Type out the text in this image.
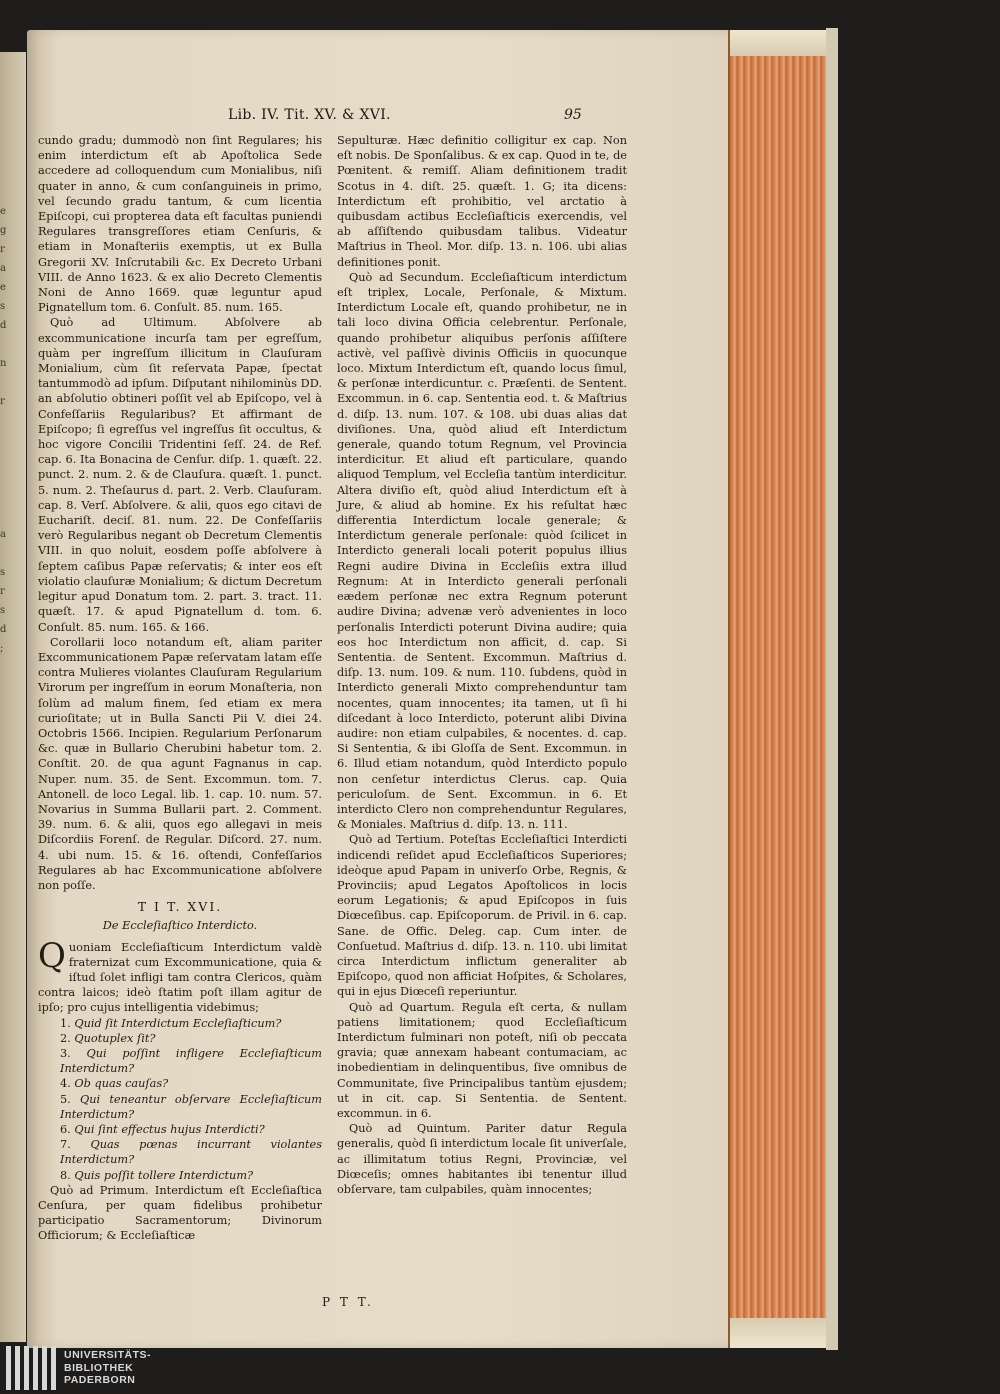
e
g
r
a
e
s
d

n

r

a

s
r
s
d
;
Lib. IV. Tit. XV. & XVI.	95

cundo gradu; dummodò non ſint Regulares; his enim interdictum eſt ab Apoſtolica Sede accedere ad colloquendum cum Monialibus, niſi quater in anno, & cum conſanguineis in primo, vel ſecundo gradu tantum, & cum licentia Epiſcopi, cui propterea data eſt facultas puniendi Regulares transgreſſores etiam Cenſuris, & etiam in Monaſteriis exemptis, ut ex Bulla Gregorii XV. Inſcrutabili &c. Ex Decreto Urbani VIII. de Anno 1623. & ex alio Decreto Clementis Noni de Anno 1669. quæ leguntur apud Pignatellum tom. 6. Conſult. 85. num. 165.

Quò ad Ultimum. Abſolvere ab excommunicatione incurſa tam per egreſſum, quàm per ingreſſum illicitum in Clauſuram Monialium, cùm ſit reſervata Papæ, ſpectat tantummodò ad ipſum. Diſputant nihilominùs DD. an abſolutio obtineri poſſit vel ab Epiſcopo, vel à Confeſſariis Regularibus? Et affirmant de Epiſcopo; ſi egreſſus vel ingreſſus ſit occultus, & hoc vigore Concilii Tridentini ſeſſ. 24. de Ref. cap. 6. Ita Bonacina de Cenſur. diſp. 1. quæſt. 22. punct. 2. num. 2. & de Clauſura. quæſt. 1. punct. 5. num. 2. Theſaurus d. part. 2. Verb. Clauſuram. cap. 8. Verſ. Abſolvere. & alii, quos ego citavi de Euchariſt. deciſ. 81. num. 22. De Confeſſariis verò Regularibus negant ob Decretum Clementis VIII. in quo noluit, eosdem poſſe abſolvere à ſeptem caſibus Papæ reſervatis; & inter eos eſt violatio clauſuræ Monialium; & dictum Decretum legitur apud Donatum tom. 2. part. 3. tract. 11. quæſt. 17. & apud Pignatellum d. tom. 6. Conſult. 85. num. 165. & 166.

Corollarii loco notandum eſt, aliam pariter Excommunicationem Papæ reſervatam latam eſſe contra Mulieres violantes Clauſuram Regularium Virorum per ingreſſum in eorum Monaſteria, non ſolùm ad malum finem, ſed etiam ex mera curioſitate; ut in Bulla Sancti Pii V. diei 24. Octobris 1566. Incipien. Regularium Perſonarum &c. quæ in Bullario Cherubini habetur tom. 2. Conſtit. 20. de qua agunt Fagnanus in cap. Nuper. num. 35. de Sent. Excommun. tom. 7. Antonell. de loco Legal. lib. 1. cap. 10. num. 57. Novarius in Summa Bullarii part. 2. Comment. 39. num. 6. & alii, quos ego allegavi in meis Diſcordiis Forenſ. de Regular. Diſcord. 27. num. 4. ubi num. 15. & 16. oſtendi, Confeſſarios Regulares ab hac Excommunicatione abſolvere non poſſe.

T I T. XVI.
De Eccleſiaſtico Interdicto.

Quoniam Eccleſiaſticum Interdictum valdè fraternizat cum Excommunicatione, quia & iſtud ſolet infligi tam contra Clericos, quàm contra laicos; ideò ſtatim poſt illam agitur de ipſo; pro cujus intelligentia videbimus;

1. Quid ſit Interdictum Eccleſiaſticum?

2. Quotuplex ſit?

3. Qui poſſint infligere Eccleſiaſticum Interdictum?

4. Ob quas cauſas?

5. Qui teneantur obſervare Eccleſiaſticum Interdictum?

6. Qui ſint effectus hujus Interdicti?

7. Quas pœnas incurrant violantes Interdictum?

8. Quis poſſit tollere Interdictum?

Quò ad Primum. Interdictum eſt Eccleſiaſtica Cenſura, per quam fidelibus prohibetur participatio Sacramentorum; Divinorum Officiorum; & Eccleſiaſticæ

Sepulturæ. Hæc definitio colligitur ex cap. Non eſt nobis. De Sponſalibus. & ex cap. Quod in te, de Pœnitent. & remiſſ. Aliam definitionem tradit Scotus in 4. diſt. 25. quæſt. 1. G; ita dicens: Interdictum eſt prohibitio, vel arctatio à quibusdam actibus Eccleſiaſticis exercendis, vel ab aſſiſtendo quibusdam talibus. Videatur Maſtrius in Theol. Mor. diſp. 13. n. 106. ubi alias definitiones ponit.

Quò ad Secundum. Eccleſiaſticum interdictum eſt triplex, Locale, Perſonale, & Mixtum. Interdictum Locale eſt, quando prohibetur, ne in tali loco divina Officia celebrentur. Perſonale, quando prohibetur aliquibus perſonis aſſiſtere activè, vel paſſivè divinis Officiis in quocunque loco. Mixtum Interdictum eſt, quando locus ſimul, & perſonæ interdicuntur. c. Præſenti. de Sentent. Excommun. in 6. cap. Sententia eod. t. & Maſtrius d. diſp. 13. num. 107. & 108. ubi duas alias dat diviſiones. Una, quòd aliud eſt Interdictum generale, quando totum Regnum, vel Provincia interdicitur. Et aliud eſt particulare, quando aliquod Templum, vel Eccleſia tantùm interdicitur. Altera diviſio eſt, quòd aliud Interdictum eſt à Jure, & aliud ab homine. Ex his reſultat hæc differentia Interdictum locale generale; & Interdictum generale perſonale: quòd ſcilicet in Interdicto generali locali poterit populus illius Regni audire Divina in Eccleſiis extra illud Regnum: At in Interdicto generali perſonali eædem perſonæ nec extra Regnum poterunt audire Divina; advenæ verò advenientes in loco perſonalis Interdicti poterunt Divina audire; quia eos hoc Interdictum non afficit, d. cap. Si Sententia. de Sentent. Excommun. Maſtrius d. diſp. 13. num. 109. & num. 110. ſubdens, quòd in Interdicto generali Mixto comprehenduntur tam nocentes, quam innocentes; ita tamen, ut ſi hi diſcedant à loco Interdicto, poterunt alibi Divina audire: non etiam culpabiles, & nocentes. d. cap. Si Sententia, & ibi Gloſſa de Sent. Excommun. in 6. Illud etiam notandum, quòd Interdicto populo non cenſetur interdictus Clerus. cap. Quia periculoſum. de Sent. Excommun. in 6. Et interdicto Clero non comprehenduntur Regulares, & Moniales. Maſtrius d. diſp. 13. n. 111.

Quò ad Tertium. Poteſtas Eccleſiaſtici Interdicti indicendi reſidet apud Eccleſiaſticos Superiores; ideòque apud Papam in univerſo Orbe, Regnis, & Provinciis; apud Legatos Apoſtolicos in locis eorum Legationis; & apud Epiſcopos in ſuis Diœceſibus. cap. Epiſcoporum. de Privil. in 6. cap. Sane. de Offic. Deleg. cap. Cum inter. de Conſuetud. Maſtrius d. diſp. 13. n. 110. ubi limitat circa Interdictum inflictum generaliter ab Epiſcopo, quod non afficiat Hoſpites, & Scholares, qui in ejus Diœceſi reperiuntur.

Quò ad Quartum. Regula eſt certa, & nullam patiens limitationem; quod Eccleſiaſticum Interdictum fulminari non poteſt, niſi ob peccata gravia; quæ annexam habeant contumaciam, ac inobedientiam in delinquentibus, ſive omnibus de Communitate, ſive Principalibus tantùm ejusdem; ut in cit. cap. Si Sententia. de Sentent. excommun. in 6.

Quò ad Quintum. Pariter datur Regula generalis, quòd ſi interdictum locale ſit univerſale, ac illimitatum totius Regni, Provinciæ, vel Diœceſis; omnes habitantes ibi tenentur illud obſervare, tam culpabiles, quàm innocentes;

P T T.
UNIVERSITÄTS-
BIBLIOTHEK
PADERBORN
